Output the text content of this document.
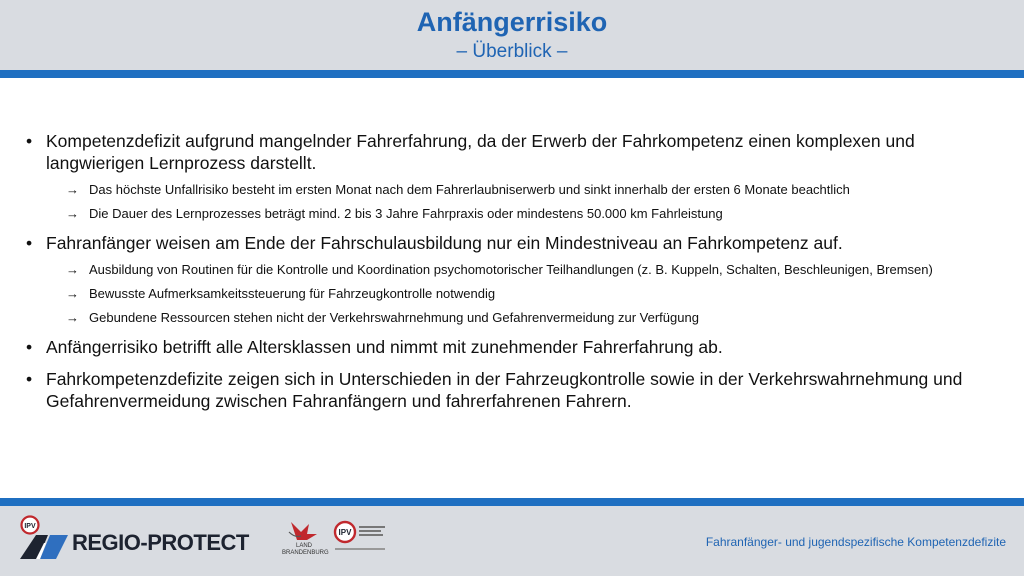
Anfängerrisiko
– Überblick –
• Kompetenzdefizit aufgrund mangelnder Fahrerfahrung, da der Erwerb der Fahrkompetenz einen komplexen und langwierigen Lernprozess darstellt.
→ Das höchste Unfallrisiko besteht im ersten Monat nach dem Fahrerlaubniserwerb und sinkt innerhalb der ersten 6 Monate beachtlich
→ Die Dauer des Lernprozesses beträgt mind. 2 bis 3 Jahre Fahrpraxis oder mindestens 50.000 km Fahrleistung
• Fahranfänger weisen am Ende der Fahrschulausbildung nur ein Mindestniveau an Fahrkompetenz auf.
→ Ausbildung von Routinen für die Kontrolle und Koordination psychomotorischer Teilhandlungen (z. B. Kuppeln, Schalten, Beschleunigen, Bremsen)
→ Bewusste Aufmerksamkeitssteuerung für Fahrzeugkontrolle notwendig
→ Gebundene Ressourcen stehen nicht der Verkehrswahrnehmung und Gefahrenvermeidung zur Verfügung
• Anfängerrisiko betrifft alle Altersklassen und nimmt mit zunehmender Fahrerfahrung ab.
• Fahrkompetenzdefizite zeigen sich in Unterschieden in der Fahrzeugkontrolle sowie in der Verkehrswahrnehmung und Gefahrenvermeidung zwischen Fahranfängern und fahrerfahrenen Fahrern.
IPV
REGIO-PROTECT	LAND BRANDENBURG
IPV
Fahranfänger- und jugendspezifische Kompetenzdefizite
